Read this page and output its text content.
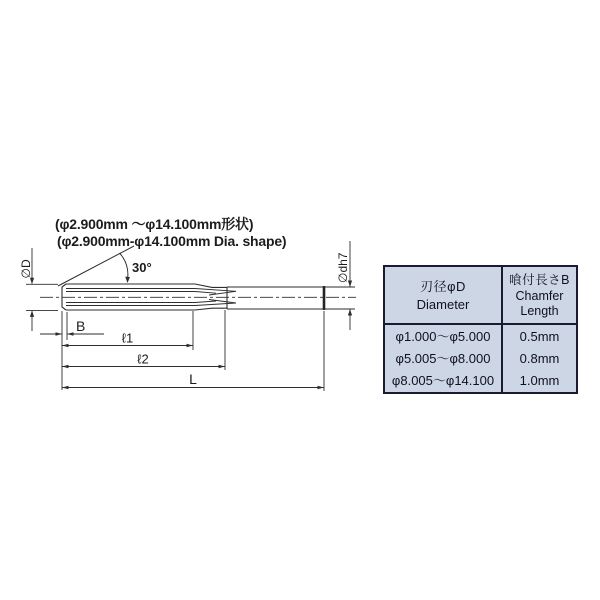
(φ2.900mm ～φ14.100mm形状)
(φ2.900mm-φ14.100mm Dia. shape)
30°
∅D	∅dh7
B
ℓ1
ℓ2
L
刃径φD
Diameter
喰付長さB
Chamfer
Length
φ1.000～φ5.000
φ5.005～φ8.000
φ8.005～φ14.100
0.5mm
0.8mm
1.0mm
